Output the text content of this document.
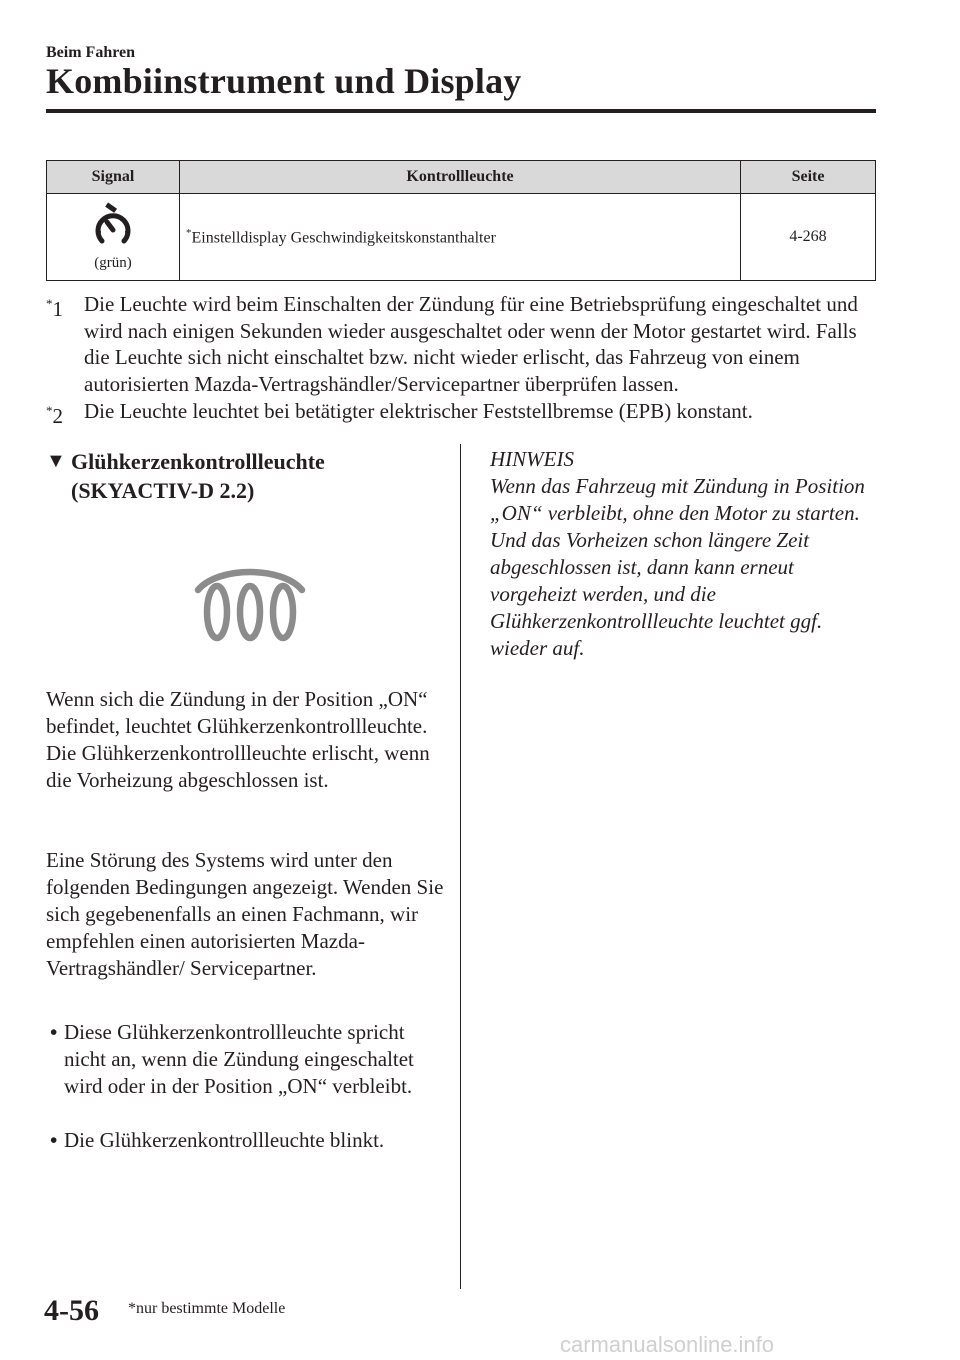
Beim Fahren
Kombiinstrument und Display
Signal	Kontrollleuchte	Seite

(grün)	*Einstelldisplay Geschwindigkeitskonstanthalter	4-268
*1 Die Leuchte wird beim Einschalten der Zündung für eine Betriebsprüfung eingeschaltet und wird nach einigen Sekunden wieder ausgeschaltet oder wenn der Motor gestartet wird. Falls die Leuchte sich nicht einschaltet bzw. nicht wieder erlischt, das Fahrzeug von einem autorisierten Mazda-Vertragshändler/Servicepartner überprüfen lassen.
*2 Die Leuchte leuchtet bei betätigter elektrischer Feststellbremse (EPB) konstant.
▼ Glühkerzenkontrollleuchte
(SKYACTIV-D 2.2)
Wenn sich die Zündung in der Position „ON“ befindet, leuchtet Glühkerzenkontrollleuchte. Die Glühkerzenkontrollleuchte erlischt, wenn die Vorheizung abgeschlossen ist.
Eine Störung des Systems wird unter den folgenden Bedingungen angezeigt. Wenden Sie sich gegebenenfalls an einen Fachmann, wir empfehlen einen autorisierten Mazda-Vertragshändler/ Servicepartner.
• Diese Glühkerzenkontrollleuchte spricht nicht an, wenn die Zündung eingeschaltet wird oder in der Position „ON“ verbleibt.
• Die Glühkerzenkontrollleuchte blinkt.
HINWEIS
Wenn das Fahrzeug mit Zündung in Position „ON“ verbleibt, ohne den Motor zu starten. Und das Vorheizen schon längere Zeit abgeschlossen ist, dann kann erneut vorgeheizt werden, und die Glühkerzenkontrollleuchte leuchtet ggf. wieder auf.
4-56 *nur bestimmte Modelle
carmanualsonline.info
